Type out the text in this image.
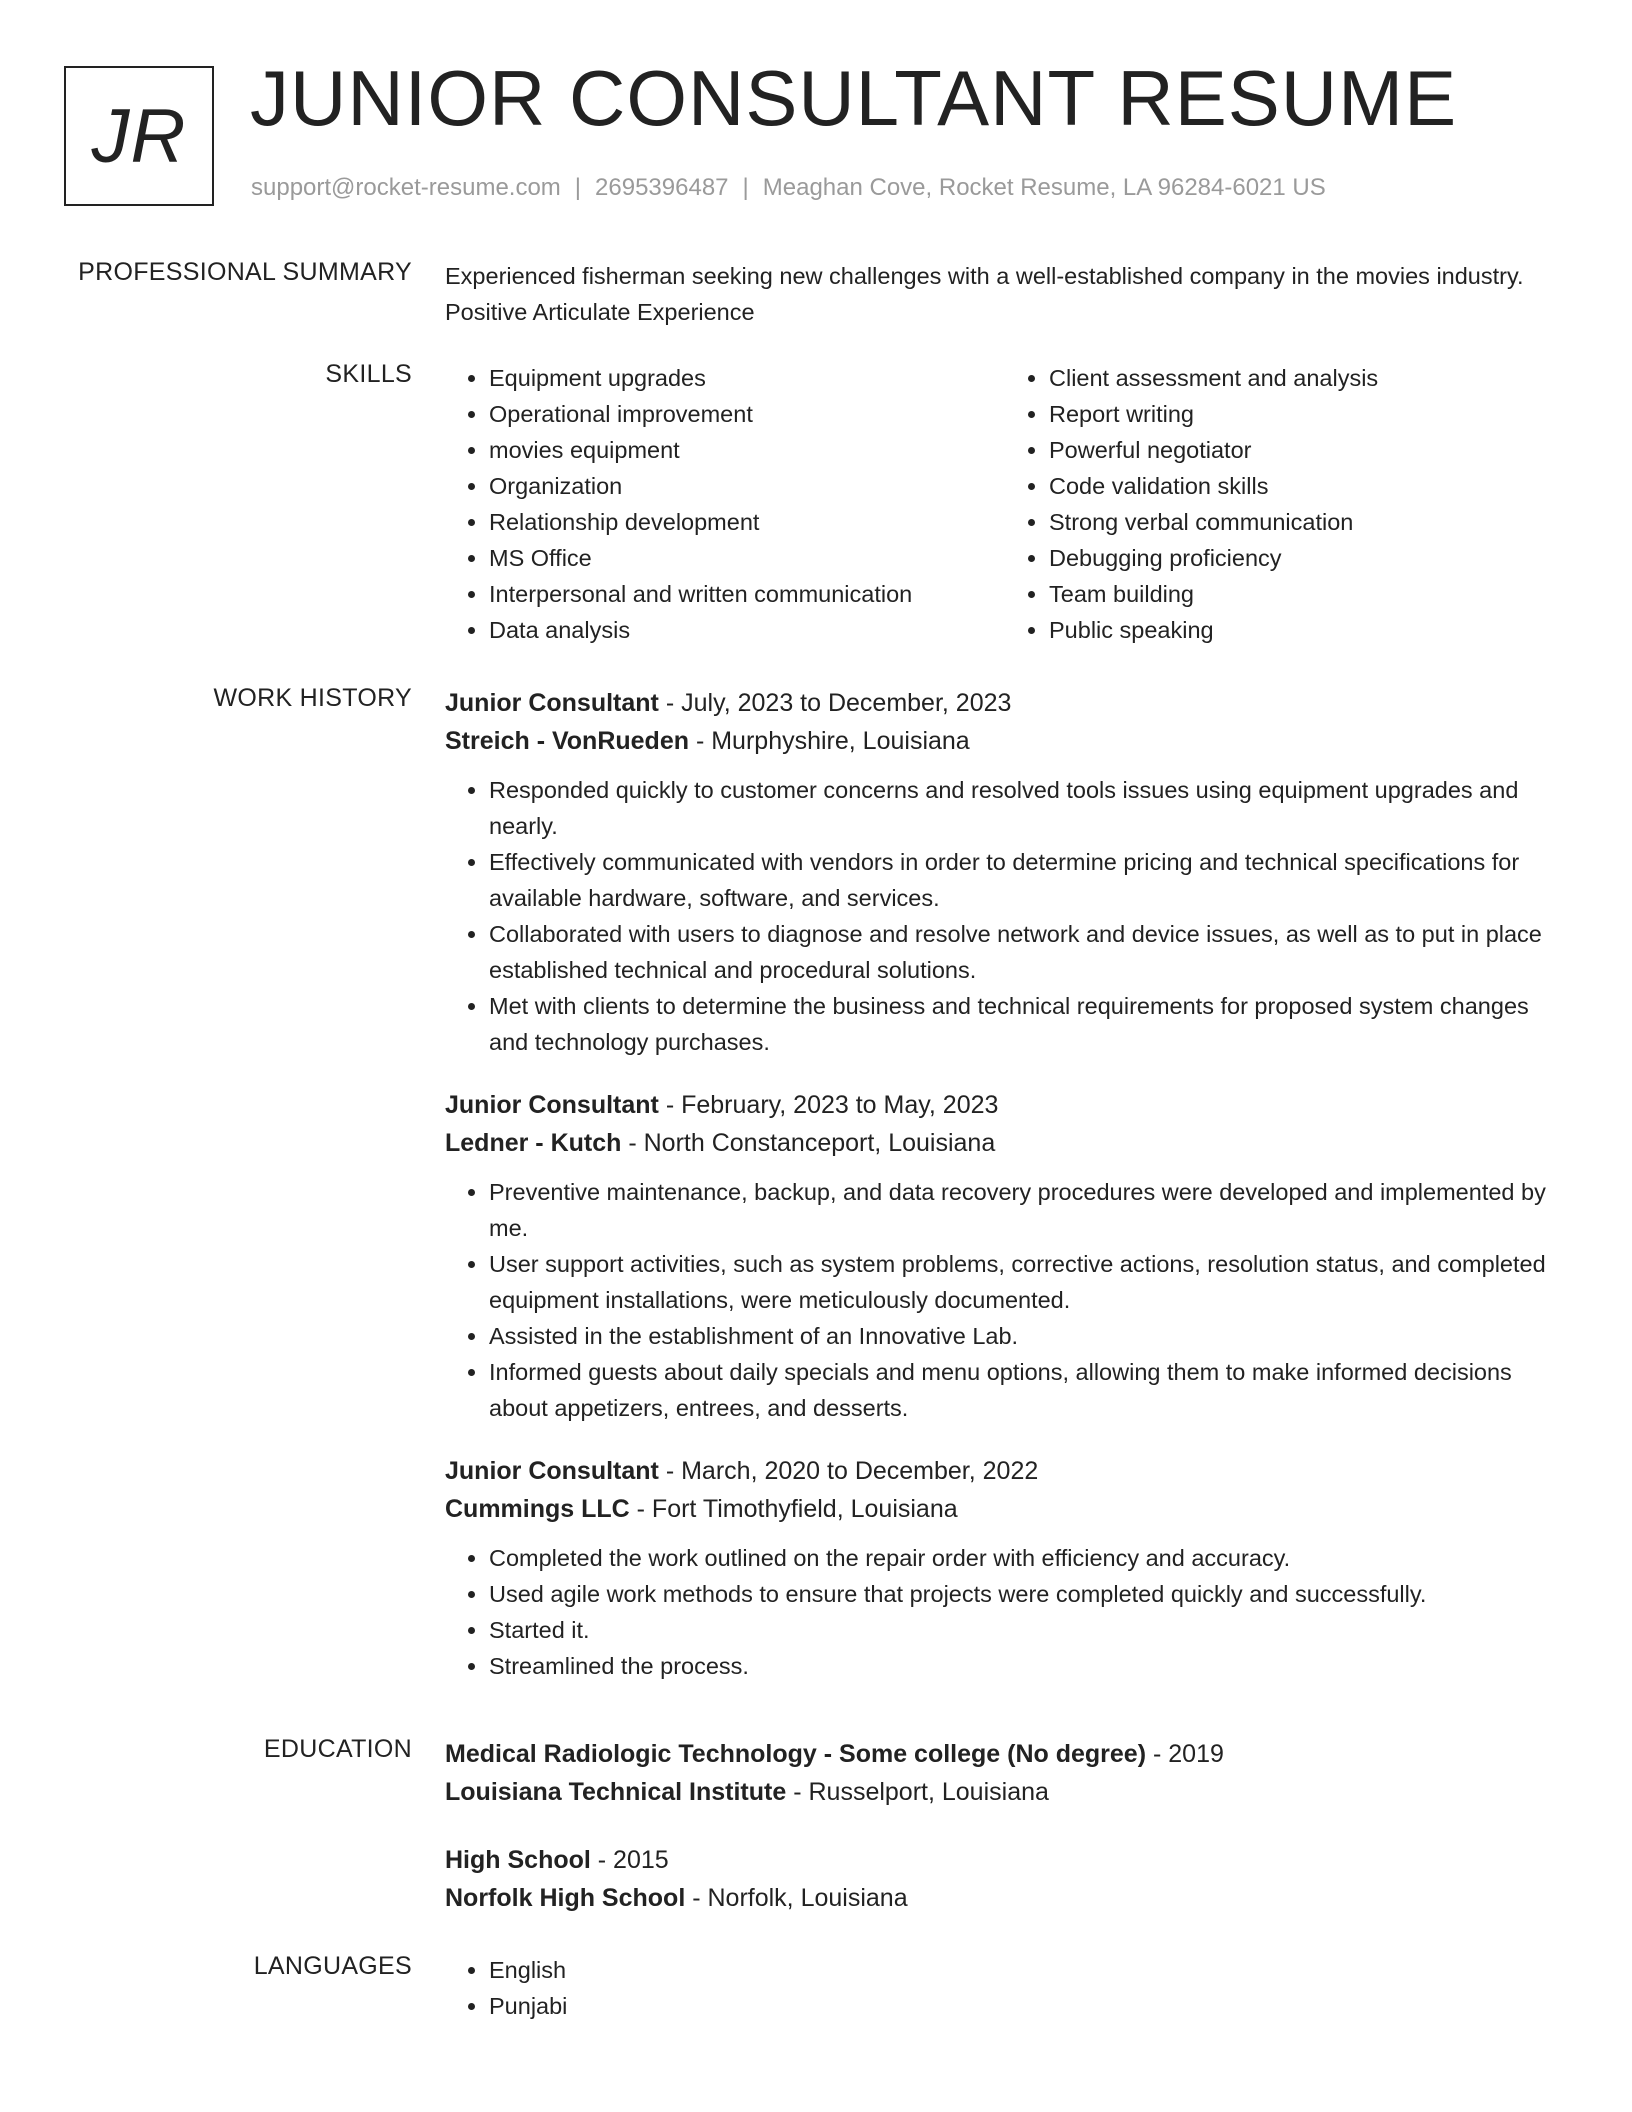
JR JUNIOR CONSULTANT RESUME
support@rocket-resume.com | 2695396487 | Meaghan Cove, Rocket Resume, LA 96284-6021 US
PROFESSIONAL SUMMARY Experienced fisherman seeking new challenges with a well-established company in the movies industry. Positive Articulate Experience
SKILLS	• Equipment upgrades
• Operational improvement
• movies equipment
• Organization
• Relationship development
• MS Office
• Interpersonal and written communication
• Data analysis
• Client assessment and analysis
• Report writing
• Powerful negotiator
• Code validation skills
• Strong verbal communication
• Debugging proficiency
• Team building
• Public speaking
WORK HISTORY Junior Consultant - July, 2023 to December, 2023
Streich - VonRueden - Murphyshire, Louisiana
• Responded quickly to customer concerns and resolved tools issues using equipment upgrades and nearly.
• Effectively communicated with vendors in order to determine pricing and technical specifications for available hardware, software, and services.
• Collaborated with users to diagnose and resolve network and device issues, as well as to put in place established technical and procedural solutions.
• Met with clients to determine the business and technical requirements for proposed system changes and technology purchases.
Junior Consultant - February, 2023 to May, 2023
Ledner - Kutch - North Constanceport, Louisiana
• Preventive maintenance, backup, and data recovery procedures were developed and implemented by me.
• User support activities, such as system problems, corrective actions, resolution status, and completed equipment installations, were meticulously documented.
• Assisted in the establishment of an Innovative Lab.
• Informed guests about daily specials and menu options, allowing them to make informed decisions about appetizers, entrees, and desserts.
Junior Consultant - March, 2020 to December, 2022
Cummings LLC - Fort Timothyfield, Louisiana
• Completed the work outlined on the repair order with efficiency and accuracy.
• Used agile work methods to ensure that projects were completed quickly and successfully.
• Started it.
• Streamlined the process.
EDUCATION Medical Radiologic Technology - Some college (No degree) - 2019
Louisiana Technical Institute - Russelport, Louisiana
High School - 2015
Norfolk High School - Norfolk, Louisiana
LANGUAGES	• English
• Punjabi
